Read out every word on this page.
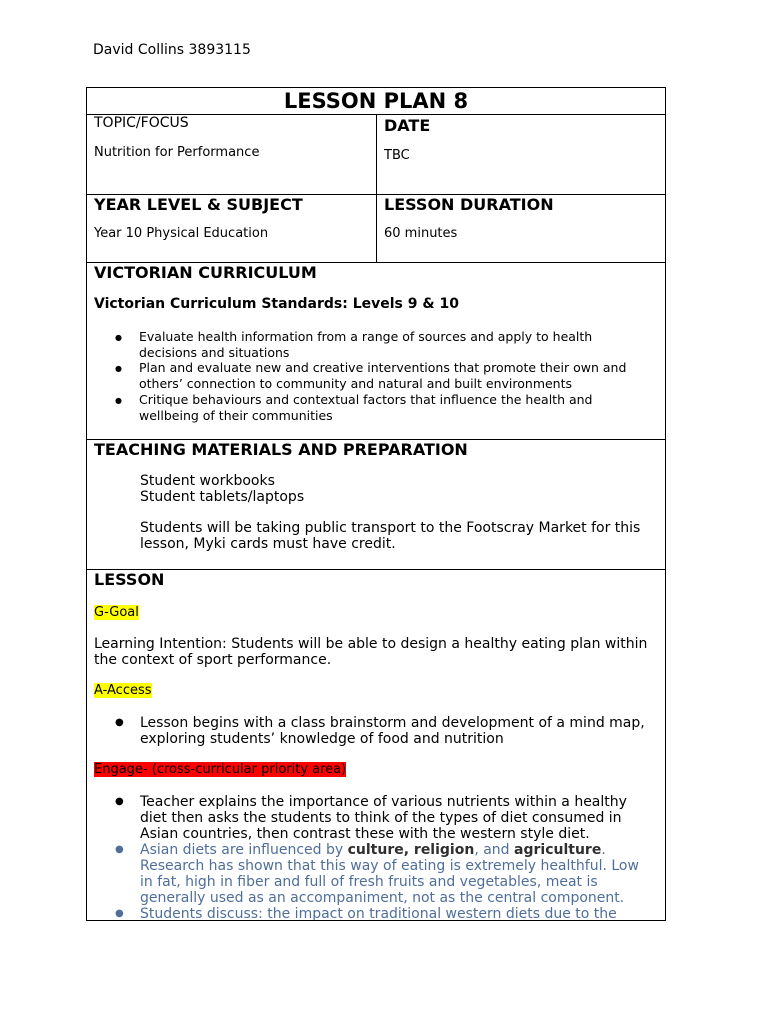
David Collins 3893115
LESSON PLAN 8
TOPIC/FOCUS
Nutrition for Performance
DATE
TBC
YEAR LEVEL & SUBJECT
Year 10 Physical Education
LESSON DURATION
60 minutes
VICTORIAN CURRICULUM
Victorian Curriculum Standards: Levels 9 & 10
● Evaluate health information from a range of sources and apply to health
decisions and situations
● Plan and evaluate new and creative interventions that promote their own and
others’ connection to community and natural and built environments
● Critique behaviours and contextual factors that influence the health and
wellbeing of their communities
TEACHING MATERIALS AND PREPARATION
Student workbooks
Student tablets/laptops
Students will be taking public transport to the Footscray Market for this
lesson, Myki cards must have credit.
LESSON
G-Goal
Learning Intention: Students will be able to design a healthy eating plan within
the context of sport performance.
A-Access
● Lesson begins with a class brainstorm and development of a mind map,
exploring students’ knowledge of food and nutrition
Engage- (cross-curricular priority area)
● Teacher explains the importance of various nutrients within a healthy
diet then asks the students to think of the types of diet consumed in
Asian countries, then contrast these with the western style diet.
● Asian diets are influenced by culture, religion, and agriculture.
Research has shown that this way of eating is extremely healthful. Low
in fat, high in fiber and full of fresh fruits and vegetables, meat is
generally used as an accompaniment, not as the central component.
● Students discuss: the impact on traditional western diets due to the
